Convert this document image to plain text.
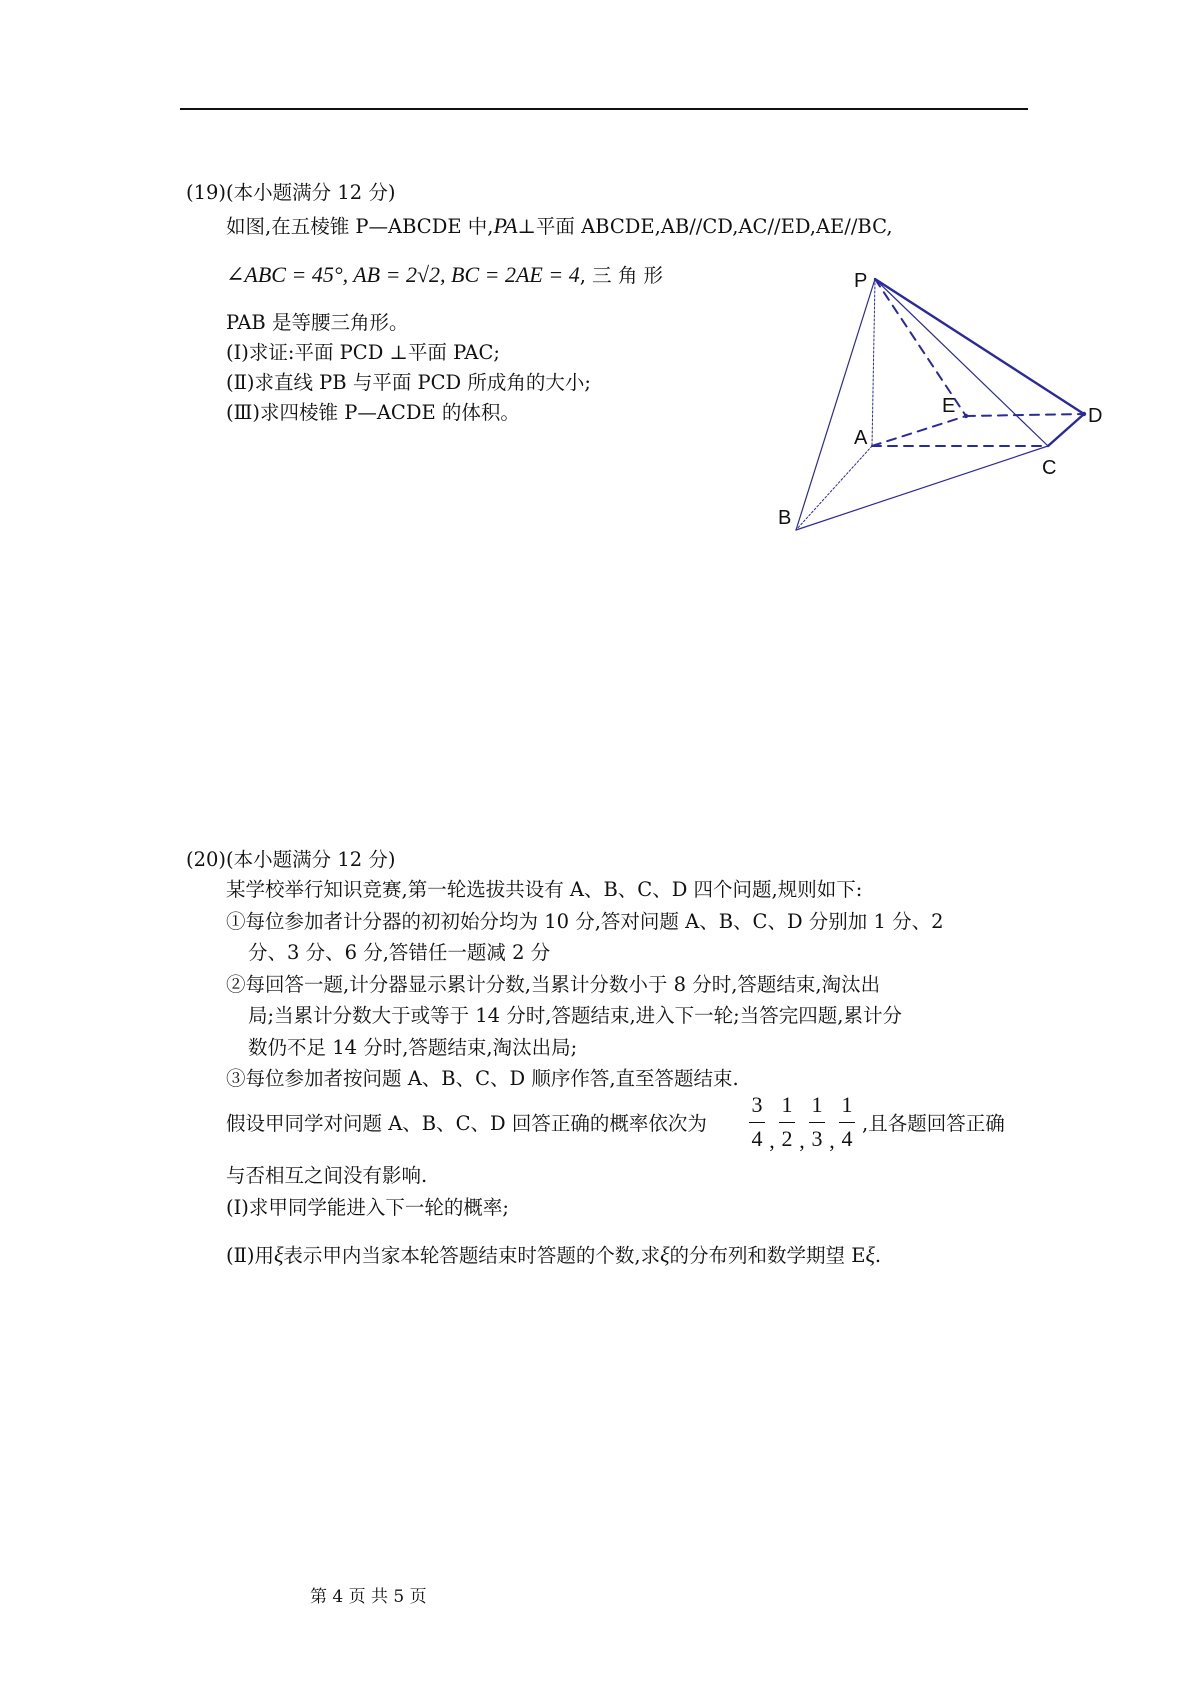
(19)(本小题满分 12 分)
如图,在五棱锥 P—ABCDE 中,PA⊥平面 ABCDE,AB//CD,AC//ED,AE//BC,
∠ABC = 45°, AB = 2√2, BC = 2AE = 4, 三 角 形
PAB 是等腰三角形。
(Ⅰ)求证:平面 PCD ⊥平面 PAC;
(Ⅱ)求直线 PB 与平面 PCD 所成角的大小;
(Ⅲ)求四棱锥 P—ACDE 的体积。
P
E	D
A
C
B
(20)(本小题满分 12 分)
某学校举行知识竞赛,第一轮选拔共设有 A、B、C、D 四个问题,规则如下:
①每位参加者计分器的初初始分均为 10 分,答对问题 A、B、C、D 分别加 1 分、2
分、3 分、6 分,答错任一题减 2 分
②每回答一题,计分器显示累计分数,当累计分数小于 8 分时,答题结束,淘汰出
局;当累计分数大于或等于 14 分时,答题结束,进入下一轮;当答完四题,累计分
数仍不足 14 分时,答题结束,淘汰出局;
③每位参加者按问题 A、B、C、D 顺序作答,直至答题结束.
假设甲同学对问题 A、B、C、D 回答正确的概率依次为
3
4 ,
1
2 ,
1
3 ,
1
4
,且各题回答正确
与否相互之间没有影响.
(Ⅰ)求甲同学能进入下一轮的概率;
(Ⅱ)用ξ表示甲内当家本轮答题结束时答题的个数,求ξ的分布列和数学期望 Eξ.
第 4 页 共 5 页
